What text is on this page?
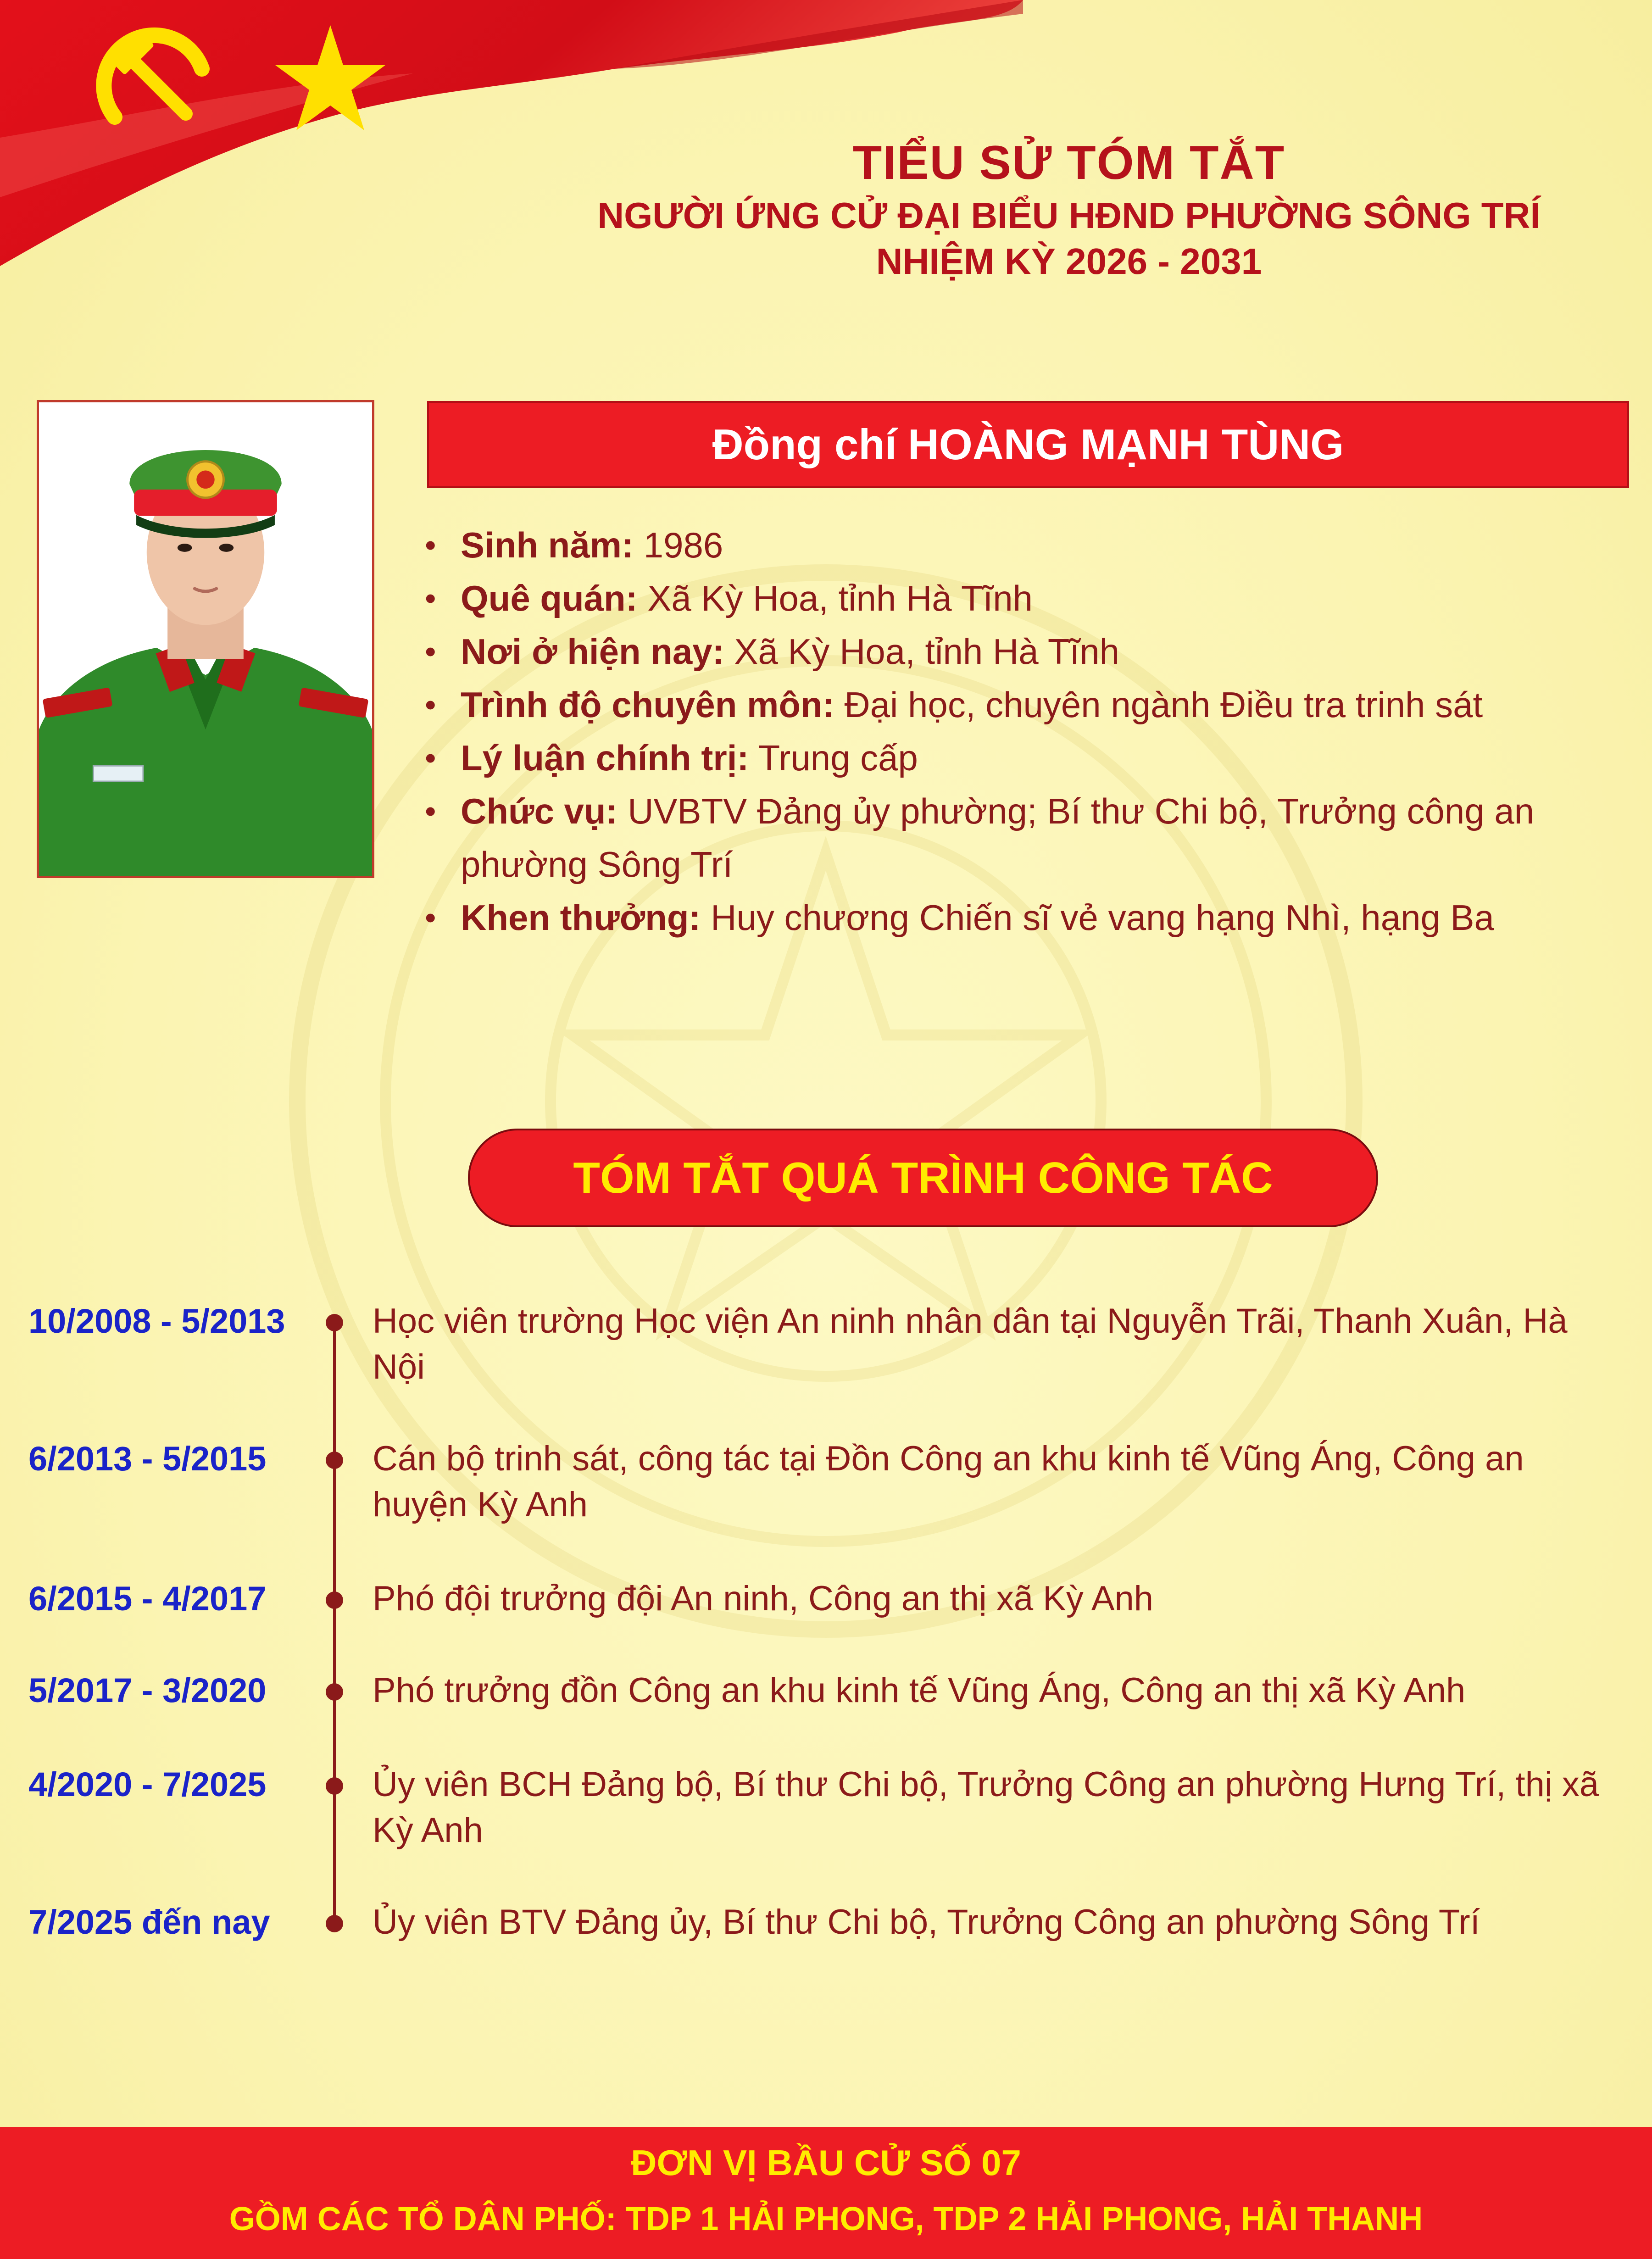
TIỂU SỬ TÓM TẮT
NGƯỜI ỨNG CỬ ĐẠI BIỂU HĐND PHƯỜNG SÔNG TRÍ
NHIỆM KỲ 2026 - 2031
Đồng chí HOÀNG MẠNH TÙNG
• Sinh năm: 1986
• Quê quán: Xã Kỳ Hoa, tỉnh Hà Tĩnh
• Nơi ở hiện nay: Xã Kỳ Hoa, tỉnh Hà Tĩnh
• Trình độ chuyên môn: Đại học, chuyên ngành Điều tra trinh sát
• Lý luận chính trị: Trung cấp
• Chức vụ: UVBTV Đảng ủy phường; Bí thư Chi bộ, Trưởng công an phường Sông Trí
• Khen thưởng: Huy chương Chiến sĩ vẻ vang hạng Nhì, hạng Ba
TÓM TẮT QUÁ TRÌNH CÔNG TÁC
10/2008 - 5/2013	Học viên trường Học viện An ninh nhân dân tại Nguyễn Trãi, Thanh Xuân, Hà Nội
6/2013 - 5/2015	Cán bộ trinh sát, công tác tại Đồn Công an khu kinh tế Vũng Áng, Công an huyện Kỳ Anh
6/2015 - 4/2017	Phó đội trưởng đội An ninh, Công an thị xã Kỳ Anh
5/2017 - 3/2020	Phó trưởng đồn Công an khu kinh tế Vũng Áng, Công an thị xã Kỳ Anh
4/2020 - 7/2025	Ủy viên BCH Đảng bộ, Bí thư Chi bộ, Trưởng Công an phường Hưng Trí, thị xã Kỳ Anh
7/2025 đến nay	Ủy viên BTV Đảng ủy, Bí thư Chi bộ, Trưởng Công an phường Sông Trí
ĐƠN VỊ BẦU CỬ SỐ 07
GỒM CÁC TỔ DÂN PHỐ: TDP 1 HẢI PHONG, TDP 2 HẢI PHONG, HẢI THANH
